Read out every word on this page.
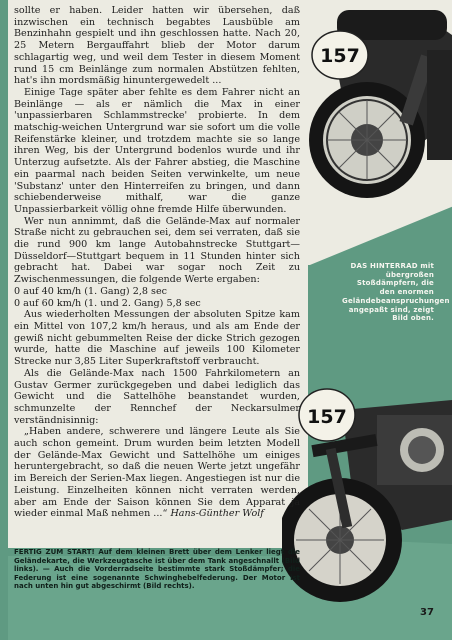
157
157

sollte er haben. Leider hatten wir übersehen, daß inzwischen ein technisch begabtes Lausbüble am Benzinhahn gespielt und ihn geschlossen hatte. Nach 20, 25 Metern Bergauffahrt blieb der Motor darum schlagartig weg, und weil dem Tester in diesem Moment rund 15 cm Beinlänge zum normalen Abstützen fehlten, hat's ihn mordsmäßig hinuntergewedelt ...

Einige Tage später aber fehlte es dem Fahrer nicht an Beinlänge — als er nämlich die Max in einer 'unpassierbaren Schlammstrecke' probierte. In dem matschig-weichen Untergrund war sie sofort um die volle Reifenstärke kleiner, und trotzdem machte sie so lange ihren Weg, bis der Untergrund bodenlos wurde und ihr Unterzug aufsetzte. Als der Fahrer abstieg, die Maschine ein paarmal nach beiden Seiten verwinkelte, um neue 'Substanz' unter den Hinterreifen zu bringen, und dann schiebenderweise mithalf, war die ganze Unpassierbarkeit völlig ohne fremde Hilfe überwunden.

Wer nun annimmt, daß die Gelände-Max auf normaler Straße nicht zu gebrauchen sei, dem sei verraten, daß sie die rund 900 km lange Autobahnstrecke Stuttgart—Düsseldorf—Stuttgart bequem in 11 Stunden hinter sich gebracht hat. Dabei war sogar noch Zeit zu Zwischenmessungen, die folgende Werte ergaben:

0 auf 40 km/h (1. Gang) 2,8 sec

0 auf 60 km/h (1. und 2. Gang) 5,8 sec

Aus wiederholten Messungen der absoluten Spitze kam ein Mittel von 107,2 km/h heraus, und als am Ende der gewiß nicht gebummelten Reise der dicke Strich gezogen wurde, hatte die Maschine auf jeweils 100 Kilometer Strecke nur 3,85 Liter Superkraftstoff verbraucht.

Als die Gelände-Max nach 1500 Fahrkilometern an Gustav Germer zurückgegeben und dabei lediglich das Gewicht und die Sattelhöhe beanstandet wurden, schmunzelte der Rennchef der Neckarsulmer verständnisinnig:

„Haben andere, schwerere und längere Leute als Sie auch schon gemeint. Drum wurden beim letzten Modell der Gelände-Max Gewicht und Sattelhöhe um einiges heruntergebracht, so daß die neuen Werte jetzt ungefähr im Bereich der Serien-Max liegen. Angestiegen ist nur die Leistung. Einzelheiten können nicht verraten werden, aber am Ende der Saison können Sie dem Apparat ja wieder einmal Maß nehmen ...“ Hans-Günther Wolf

DAS HINTERRAD mit übergroßen Stoßdämpfern, die den enormen Geländebeanspruchungen angepaßt sind, zeigt Bild oben.
FERTIG ZUM START! Auf dem kleinen Brett über dem Lenker liegt die Geländekarte, die Werkzeugtasche ist über dem Tank angeschnallt (Bild links). — Auch die Vorderradseite bestimmte stark Stoßdämpfer; die Federung ist eine sogenannte Schwinghebelfederung. Der Motor ist nach unten hin gut abgeschirmt (Bild rechts).
37
